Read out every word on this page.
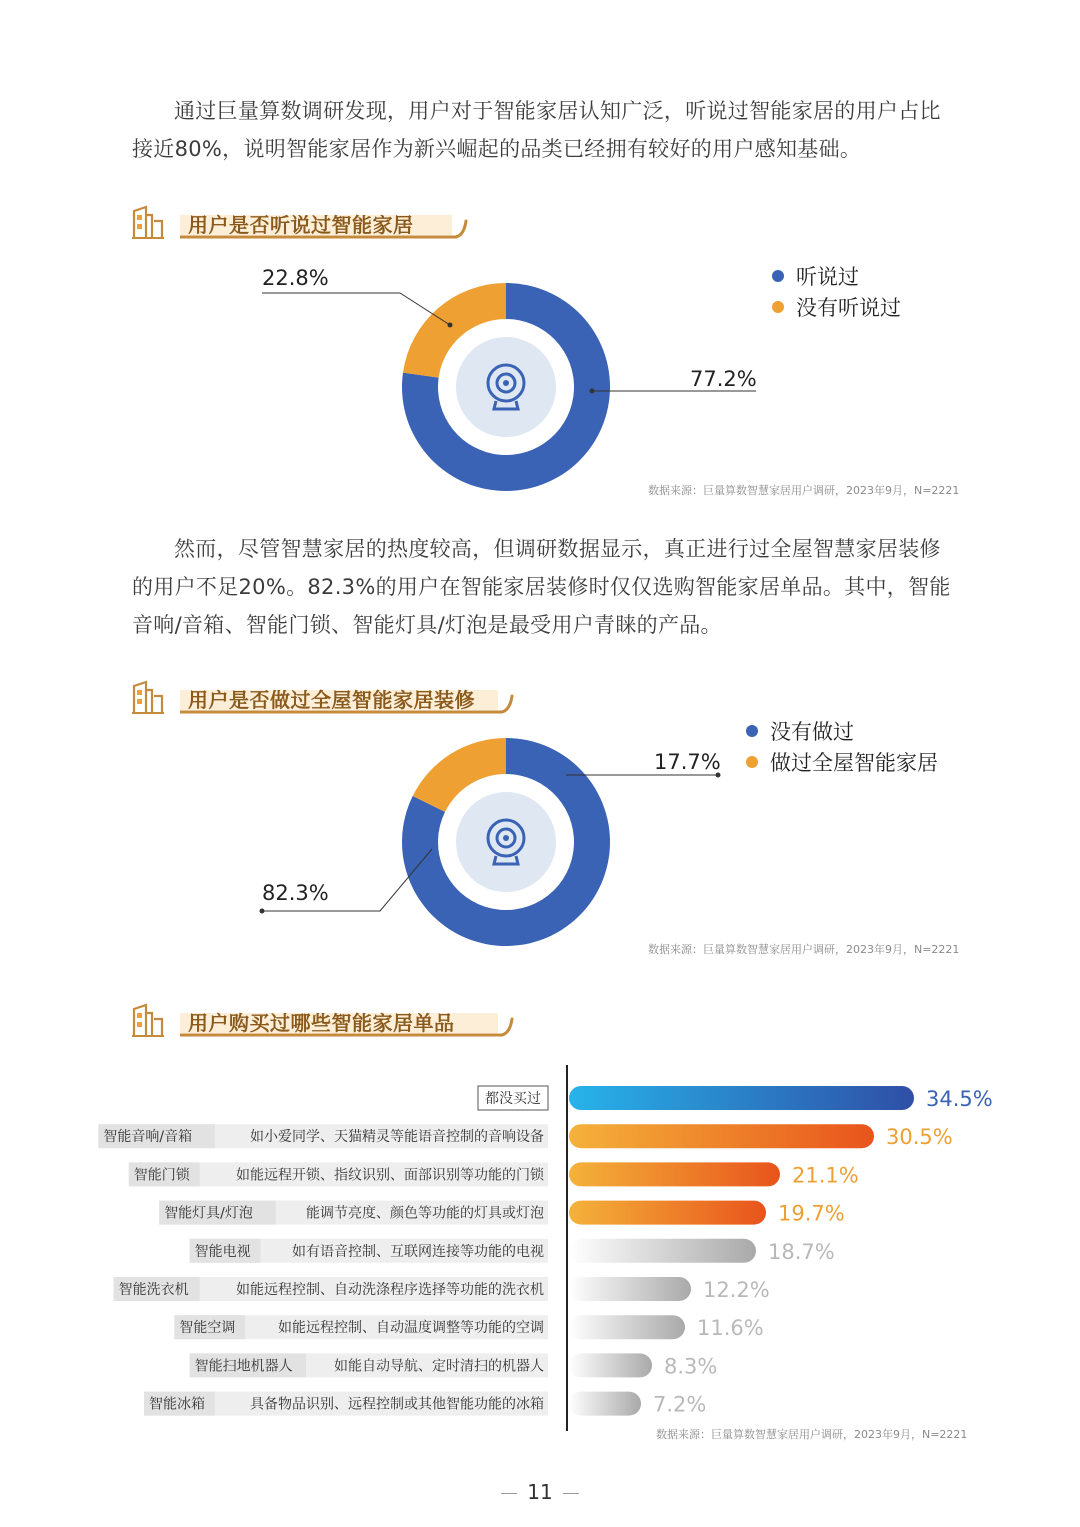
通过巨量算数调研发现，用户对于智能家居认知广泛，听说过智能家居的用户占比接近80%，说明智能家居作为新兴崛起的品类已经拥有较好的用户感知基础。
用户是否听说过智能家居
22.8%
77.2%
听说过
没有听说过
数据来源：巨量算数智慧家居用户调研，2023年9月，N=2221
然而，尽管智慧家居的热度较高，但调研数据显示，真正进行过全屋智慧家居装修的用户不足20%。82.3%的用户在智能家居装修时仅仅选购智能家居单品。其中，智能音响/音箱、智能门锁、智能灯具/灯泡是最受用户青睐的产品。
用户是否做过全屋智能家居装修
17.7%
82.3%
没有做过
做过全屋智能家居
数据来源：巨量算数智慧家居用户调研，2023年9月，N=2221
用户购买过哪些智能家居单品
都没买过	34.5%
智能音响/音箱	如小爱同学、天猫精灵等能语音控制的音响设备	30.5%
智能门锁	如能远程开锁、指纹识别、面部识别等功能的门锁	21.1%
智能灯具/灯泡	能调节亮度、颜色等功能的灯具或灯泡	19.7%
智能电视	如有语音控制、互联网连接等功能的电视	18.7%
智能洗衣机	如能远程控制、自动洗涤程序选择等功能的洗衣机	12.2%
智能空调	如能远程控制、自动温度调整等功能的空调	11.6%
智能扫地机器人	如能自动导航、定时清扫的机器人	8.3%
智能冰箱	具备物品识别、远程控制或其他智能功能的冰箱	7.2%
数据来源：巨量算数智慧家居用户调研，2023年9月，N=2221
11
